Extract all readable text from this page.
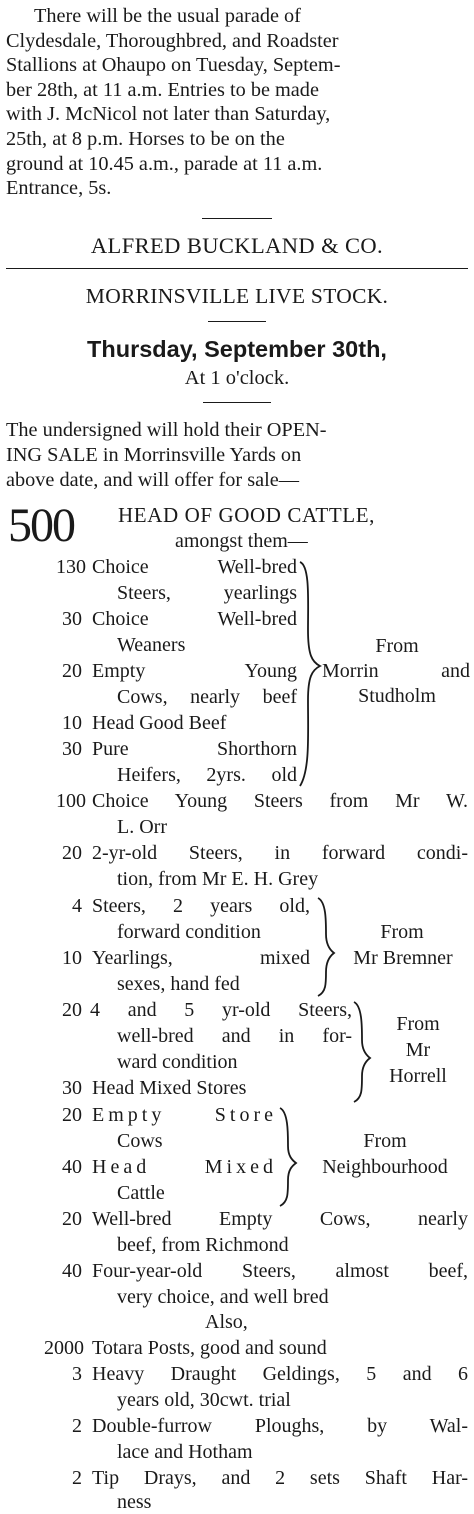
There will be the usual parade of
Clydesdale, Thoroughbred, and Roadster
Stallions at Ohaupo on Tuesday, Septem-
ber 28th, at 11 a.m. Entries to be made
with J. McNicol not later than Saturday,
25th, at 8 p.m. Horses to be on the
ground at 10.45 a.m., parade at 11 a.m.
Entrance, 5s.
ALFRED BUCKLAND & CO.
MORRINSVILLE LIVE STOCK.
Thursday, September 30th,
At 1 o'clock.
The undersigned will hold their OPEN-
ING SALE in Morrinsville Yards on
above date, and will offer for sale—
500 HEAD OF GOOD CATTLE,
amongst them—
130 Choice Well-bred
Steers, yearlings
30 Choice Well-bred
Weaners
20 Empty Young
Cows, nearly beef
10 Head Good Beef
30 Pure Shorthorn
Heifers, 2yrs. old
From
Morrin and
Studholm
100 Choice Young Steers from Mr W.
L. Orr
20 2-yr-old Steers, in forward condi-
tion, from Mr E. H. Grey
4 Steers, 2 years old,
forward condition
10 Yearlings, mixed
sexes, hand fed
From
Mr Bremner
20 4 and 5 yr-old Steers,
well-bred and in for-
ward condition
30 Head Mixed Stores
From
Mr
Horrell
20 Empty Store
Cows
40 Head Mixed
Cattle
From
Neighbourhood
20 Well-bred Empty Cows, nearly
beef, from Richmond
40 Four-year-old Steers, almost beef,
very choice, and well bred
Also,
2000 Totara Posts, good and sound
3 Heavy Draught Geldings, 5 and 6
years old, 30cwt. trial
2 Double-furrow Ploughs, by Wal-
lace and Hotham
2 Tip Drays, and 2 sets Shaft Har-
ness
